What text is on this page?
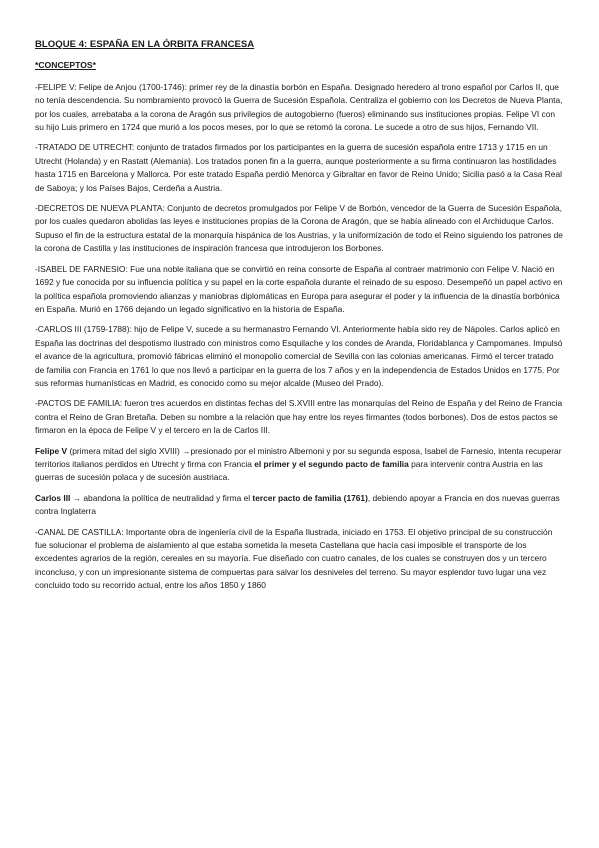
BLOQUE 4: ESPAÑA EN LA ÓRBITA FRANCESA

*CONCEPTOS*

-FELIPE V: Felipe de Anjou (1700-1746): primer rey de la dinastía borbón en España. Designado heredero al trono español por Carlos II, que no tenía descendencia. Su nombramiento provocó la Guerra de Sucesión Española. Centraliza el gobierno con los Decretos de Nueva Planta, por los cuales, arrebataba a la corona de Aragón sus privilegios de autogobierno (fueros) eliminando sus instituciones propias. Felipe VI con su hijo Luis primero en 1724 que murió a los pocos meses, por lo que se retomó la corona. Le sucede a otro de sus hijos, Fernando VII.

-TRATADO DE UTRECHT: conjunto de tratados firmados por los participantes en la guerra de sucesión española entre 1713 y 1715 en un Utrecht (Holanda) y en Rastatt (Alemania). Los tratados ponen fin a la guerra, aunque posteriormente a su firma continuaron las hostilidades hasta 1715 en Barcelona y Mallorca. Por este tratado España perdió Menorca y Gibraltar en favor de Reino Unido; Sicilia pasó a la Casa Real de Saboya; y los Países Bajos, Cerdeña a Austria.

-DECRETOS DE NUEVA PLANTA: Conjunto de decretos promulgados por Felipe V de Borbón, vencedor de la Guerra de Sucesión Española, por los cuales quedaron abolidas las leyes e instituciones propias de la Corona de Aragón, que se había alineado con el Archiduque Carlos. Supuso el fin de la estructura estatal de la monarquía hispánica de los Austrias, y la uniformización de todo el Reino siguiendo los patrones de la corona de Castilla y las instituciones de inspiración francesa que introdujeron los Borbones.

-ISABEL DE FARNESIO: Fue una noble italiana que se convirtió en reina consorte de España al contraer matrimonio con Felipe V. Nació en 1692 y fue conocida por su influencia política y su papel en la corte española durante el reinado de su esposo. Desempeñó un papel activo en la política española promoviendo alianzas y maniobras diplomáticas en Europa para asegurar el poder y la influencia de la dinastía borbónica en España. Murió en 1766 dejando un legado significativo en la historia de España.

-CARLOS III (1759-1788): hijo de Felipe V, sucede a su hermanastro Fernando VI. Anteriormente había sido rey de Nápoles. Carlos aplicó en España las doctrinas del despotismo ilustrado con ministros como Esquilache y los condes de Aranda, Floridablanca y Campomanes. Impulsó el avance de la agricultura, promovió fábricas eliminó el monopolio comercial de Sevilla con las colonias americanas. Firmó el tercer tratado de familia con Francia en 1761 lo que nos llevó a participar en la guerra de los 7 años y en la independencia de Estados Unidos en 1775. Por sus reformas humanísticas en Madrid, es conocido como su mejor alcalde (Museo del Prado).

-PACTOS DE FAMILIA: fueron tres acuerdos en distintas fechas del S.XVIII entre las monarquías del Reino de España y del Reino de Francia contra el Reino de Gran Bretaña. Deben su nombre a la relación que hay entre los reyes firmantes (todos borbones). Dos de estos pactos se firmaron en la época de Felipe V y el tercero en la de Carlos III.

Felipe V (primera mitad del siglo XVIII) →presionado por el ministro Albernoni y por su segunda esposa, Isabel de Farnesio, intenta recuperar territorios italianos perdidos en Utrecht y firma con Francia el primer y el segundo pacto de familia para intervenir contra Austria en las guerras de sucesión polaca y de sucesión austriaca.

Carlos III → abandona la política de neutralidad y firma el tercer pacto de familia (1761), debiendo apoyar a Francia en dos nuevas guerras contra Inglaterra

-CANAL DE CASTILLA: Importante obra de ingeniería civil de la España Ilustrada, iniciado en 1753. El objetivo principal de su construcción fue solucionar el problema de aislamiento al que estaba sometida la meseta Castellana que hacía casi imposible el transporte de los excedentes agrarios de la región, cereales en su mayoría. Fue diseñado con cuatro canales, de los cuales se construyen dos y un tercero inconcluso, y con un impresionante sistema de compuertas para salvar los desniveles del terreno. Su mayor esplendor tuvo lugar una vez concluido todo su recorrido actual, entre los años 1850 y 1860
